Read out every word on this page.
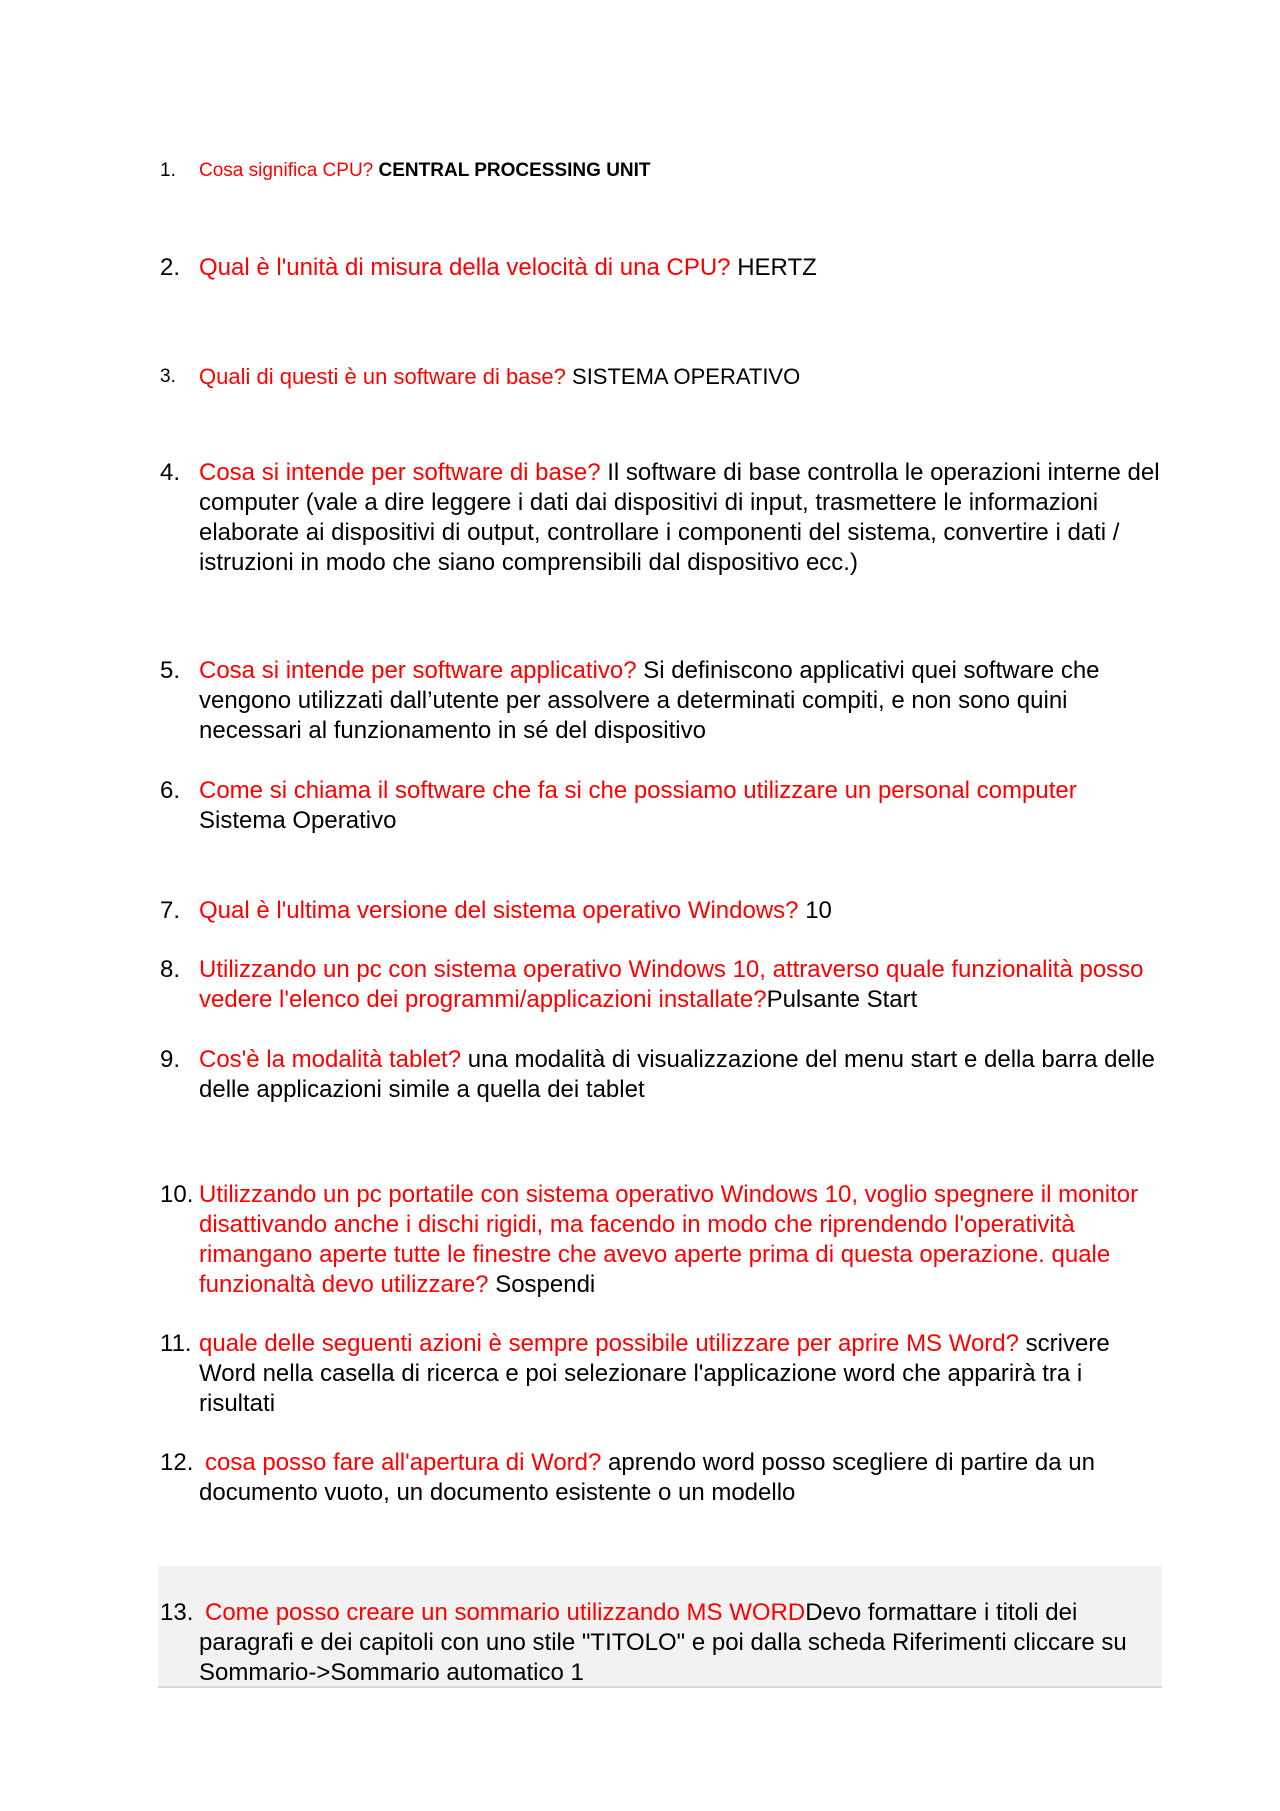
1. Cosa significa CPU? CENTRAL PROCESSING UNIT
2. Qual è l'unità di misura della velocità di una CPU? HERTZ
3. Quali di questi è un software di base? SISTEMA OPERATIVO
4. Cosa si intende per software di base? Il software di base controlla le operazioni interne del computer (vale a dire leggere i dati dai dispositivi di input, trasmettere le informazioni elaborate ai dispositivi di output, controllare i componenti del sistema, convertire i dati / istruzioni in modo che siano comprensibili dal dispositivo ecc.)
5. Cosa si intende per software applicativo? Si definiscono applicativi quei software che vengono utilizzati dall’utente per assolvere a determinati compiti, e non sono quini necessari al funzionamento in sé del dispositivo
6. Come si chiama il software che fa si che possiamo utilizzare un personal computer Sistema Operativo
7. Qual è l'ultima versione del sistema operativo Windows? 10
8. Utilizzando un pc con sistema operativo Windows 10, attraverso quale funzionalità posso vedere l'elenco dei programmi/applicazioni installate?Pulsante Start
9. Cos'è la modalità tablet? una modalità di visualizzazione del menu start e della barra delle delle applicazioni simile a quella dei tablet
10. Utilizzando un pc portatile con sistema operativo Windows 10, voglio spegnere il monitor disattivando anche i dischi rigidi, ma facendo in modo che riprendendo l'operatività rimangano aperte tutte le finestre che avevo aperte prima di questa operazione. quale funzionaltà devo utilizzare? Sospendi
11. quale delle seguenti azioni è sempre possibile utilizzare per aprire MS Word? scrivere Word nella casella di ricerca e poi selezionare l'applicazione word che apparirà tra i risultati
12. cosa posso fare all'apertura di Word? aprendo word posso scegliere di partire da un documento vuoto, un documento esistente o un modello
13. Come posso creare un sommario utilizzando MS WORDDevo formattare i titoli dei paragrafi e dei capitoli con uno stile "TITOLO" e poi dalla scheda Riferimenti cliccare su Sommario->Sommario automatico 1
